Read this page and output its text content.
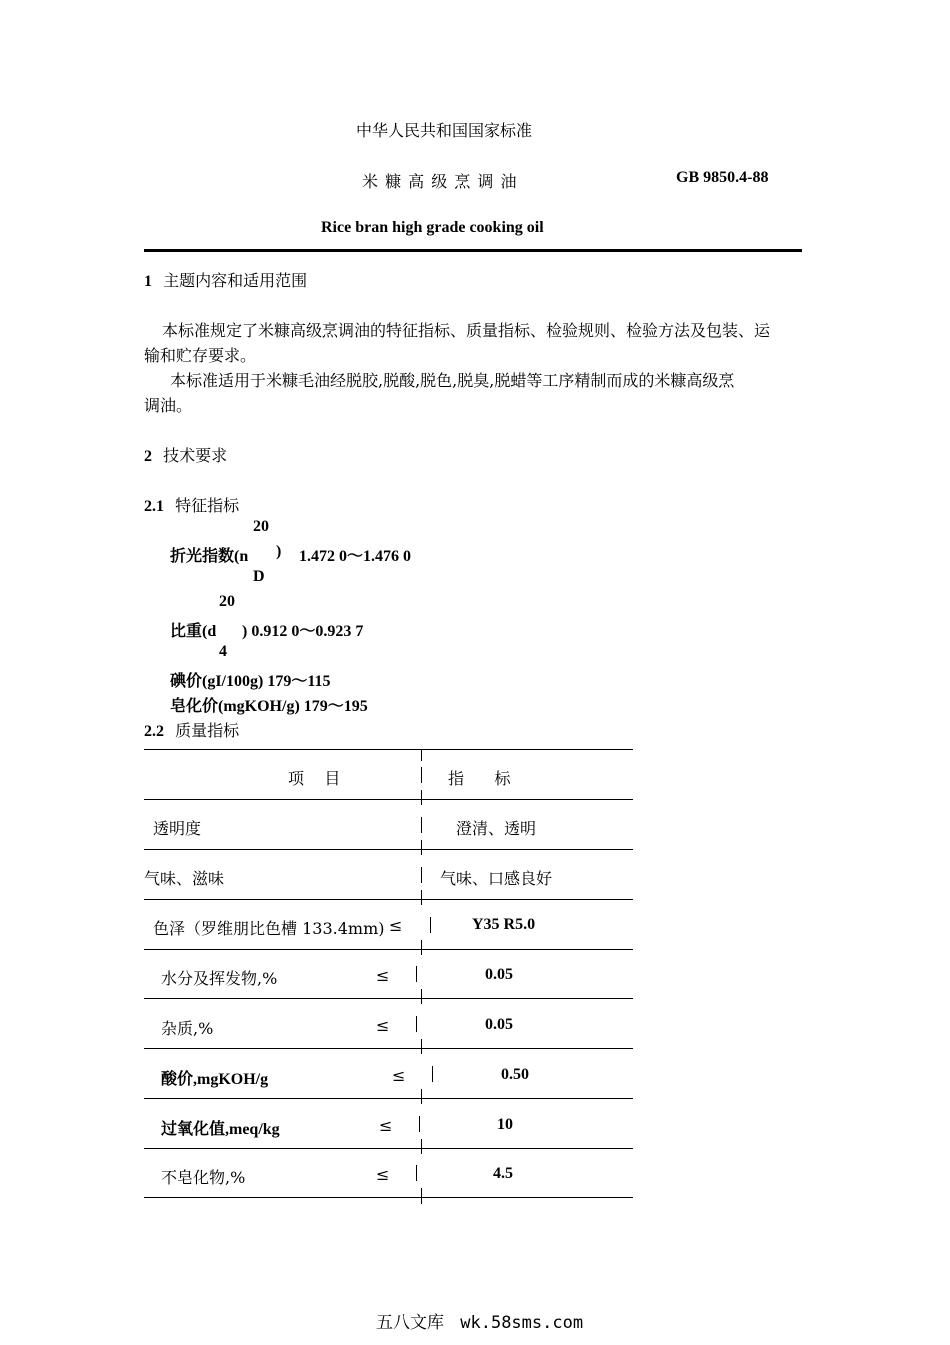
中华人民共和国国家标准
米 糠 高 级 烹 调 油	GB 9850.4-88
Rice bran high grade cooking oil
1 主题内容和适用范围
本标准规定了米糠高级烹调油的特征指标、质量指标、检验规则、检验方法及包装、运
输和贮存要求。
本标准适用于米糠毛油经脱胶,脱酸,脱色,脱臭,脱蜡等工序精制而成的米糠高级烹
调油。
2 技术要求
2.1 特征指标
20
折光指数(n ) 1.472 0～1.476 0
D
20
比重(d ) 0.912 0～0.923 7
4
碘价(gI/100g) 179～115
皂化价(mgKOH/g) 179～195
2.2 质量指标
项    目	指      标
透明度	澄清、透明
气味、滋味	气味、口感良好
色泽（罗维朋比色槽 133.4mm) ≤	Y35 R5.0
水分及挥发物,%	≤	0.05
杂质,%	≤	0.05
酸价,mgKOH/g	≤	0.50
过氧化值,meq/kg	≤	10
不皂化物,%	≤	4.5
五八文库 wk.58sms.com
